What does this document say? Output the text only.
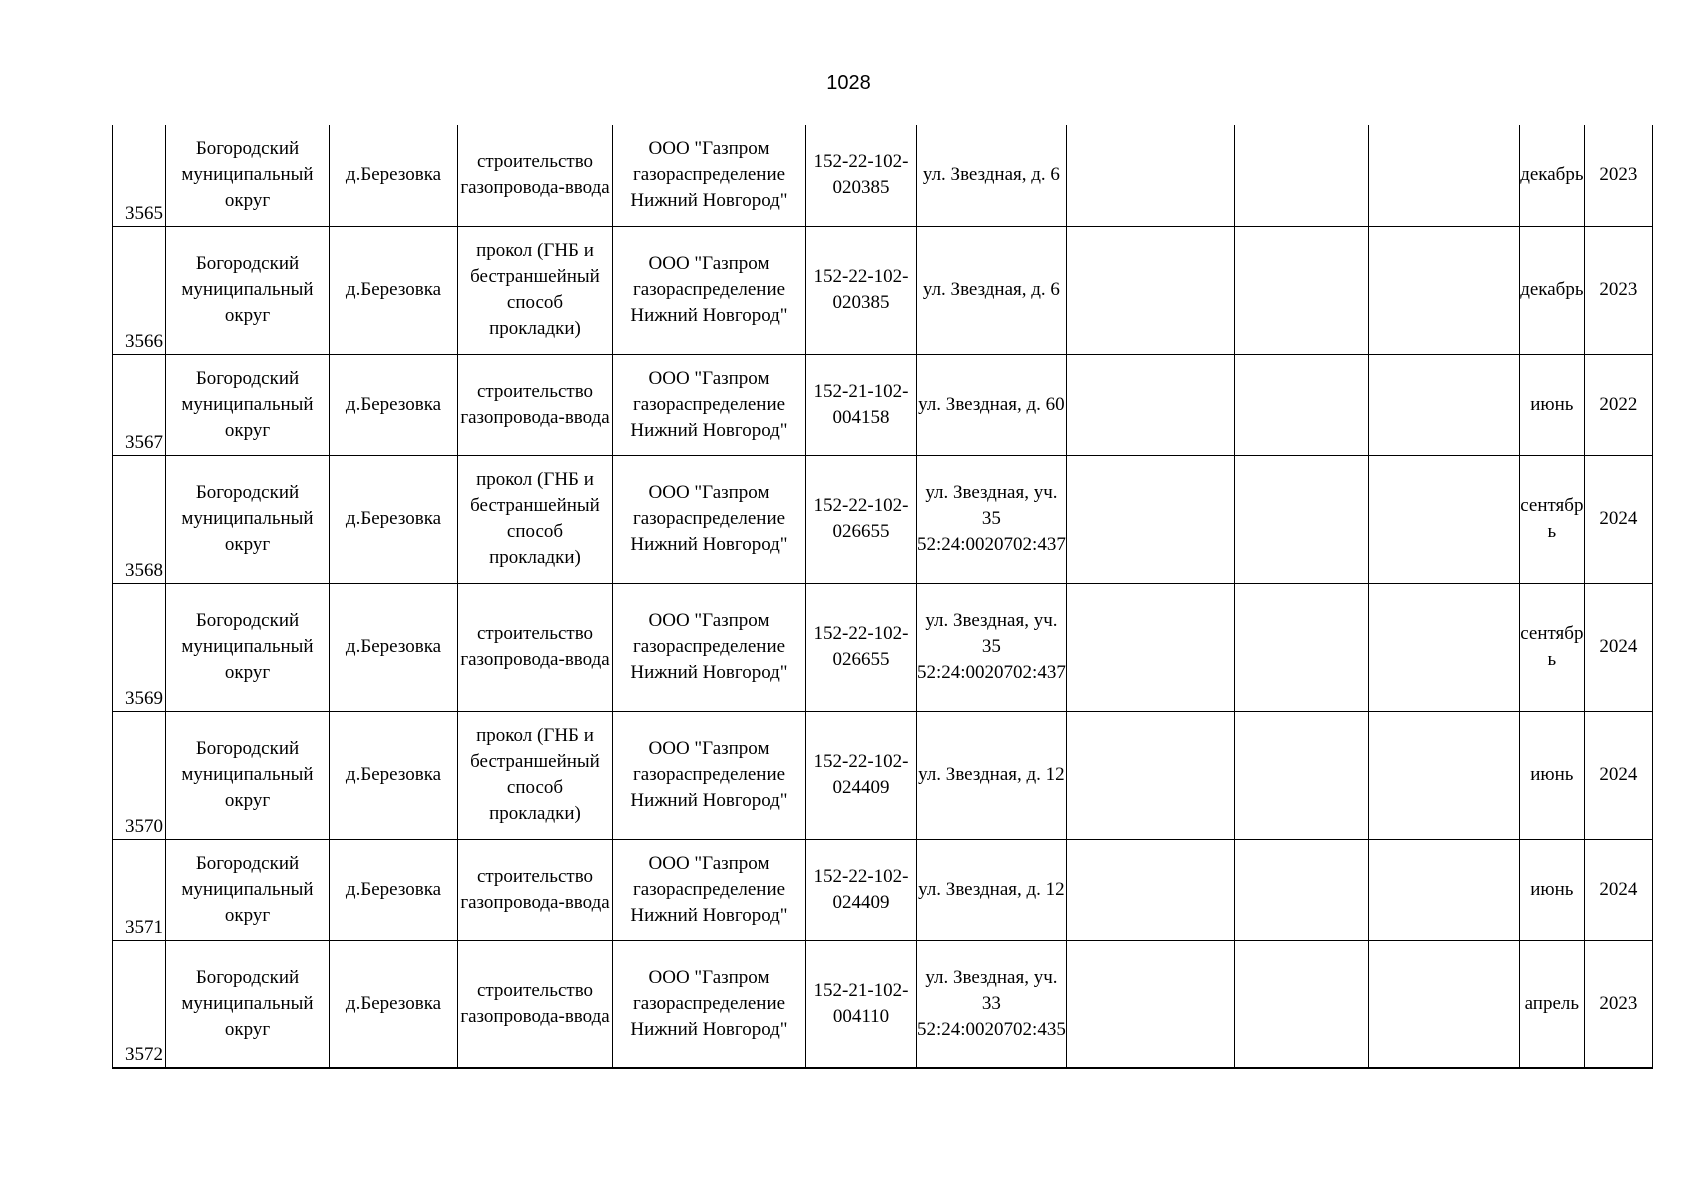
1028
3565	Богородский муниципальный округ	д.Березовка	строительство газопровода-ввода	ООО "Газпром газораспределение Нижний Новгород"	152-22-102-020385	ул. Звездная, д. 6				декабрь	2023
3566	Богородский муниципальный округ	д.Березовка	прокол (ГНБ и бестраншейный способ прокладки)	ООО "Газпром газораспределение Нижний Новгород"	152-22-102-020385	ул. Звездная, д. 6				декабрь	2023
3567	Богородский муниципальный округ	д.Березовка	строительство газопровода-ввода	ООО "Газпром газораспределение Нижний Новгород"	152-21-102-004158	ул. Звездная, д. 60				июнь	2022
3568	Богородский муниципальный округ	д.Березовка	прокол (ГНБ и бестраншейный способ прокладки)	ООО "Газпром газораспределение Нижний Новгород"	152-22-102-026655	ул. Звездная, уч. 35 52:24:0020702:437				сентябрь	2024
3569	Богородский муниципальный округ	д.Березовка	строительство газопровода-ввода	ООО "Газпром газораспределение Нижний Новгород"	152-22-102-026655	ул. Звездная, уч. 35 52:24:0020702:437				сентябрь	2024
3570	Богородский муниципальный округ	д.Березовка	прокол (ГНБ и бестраншейный способ прокладки)	ООО "Газпром газораспределение Нижний Новгород"	152-22-102-024409	ул. Звездная, д. 12				июнь	2024
3571	Богородский муниципальный округ	д.Березовка	строительство газопровода-ввода	ООО "Газпром газораспределение Нижний Новгород"	152-22-102-024409	ул. Звездная, д. 12				июнь	2024
3572	Богородский муниципальный округ	д.Березовка	строительство газопровода-ввода	ООО "Газпром газораспределение Нижний Новгород"	152-21-102-004110	ул. Звездная, уч. 33 52:24:0020702:435				апрель	2023
